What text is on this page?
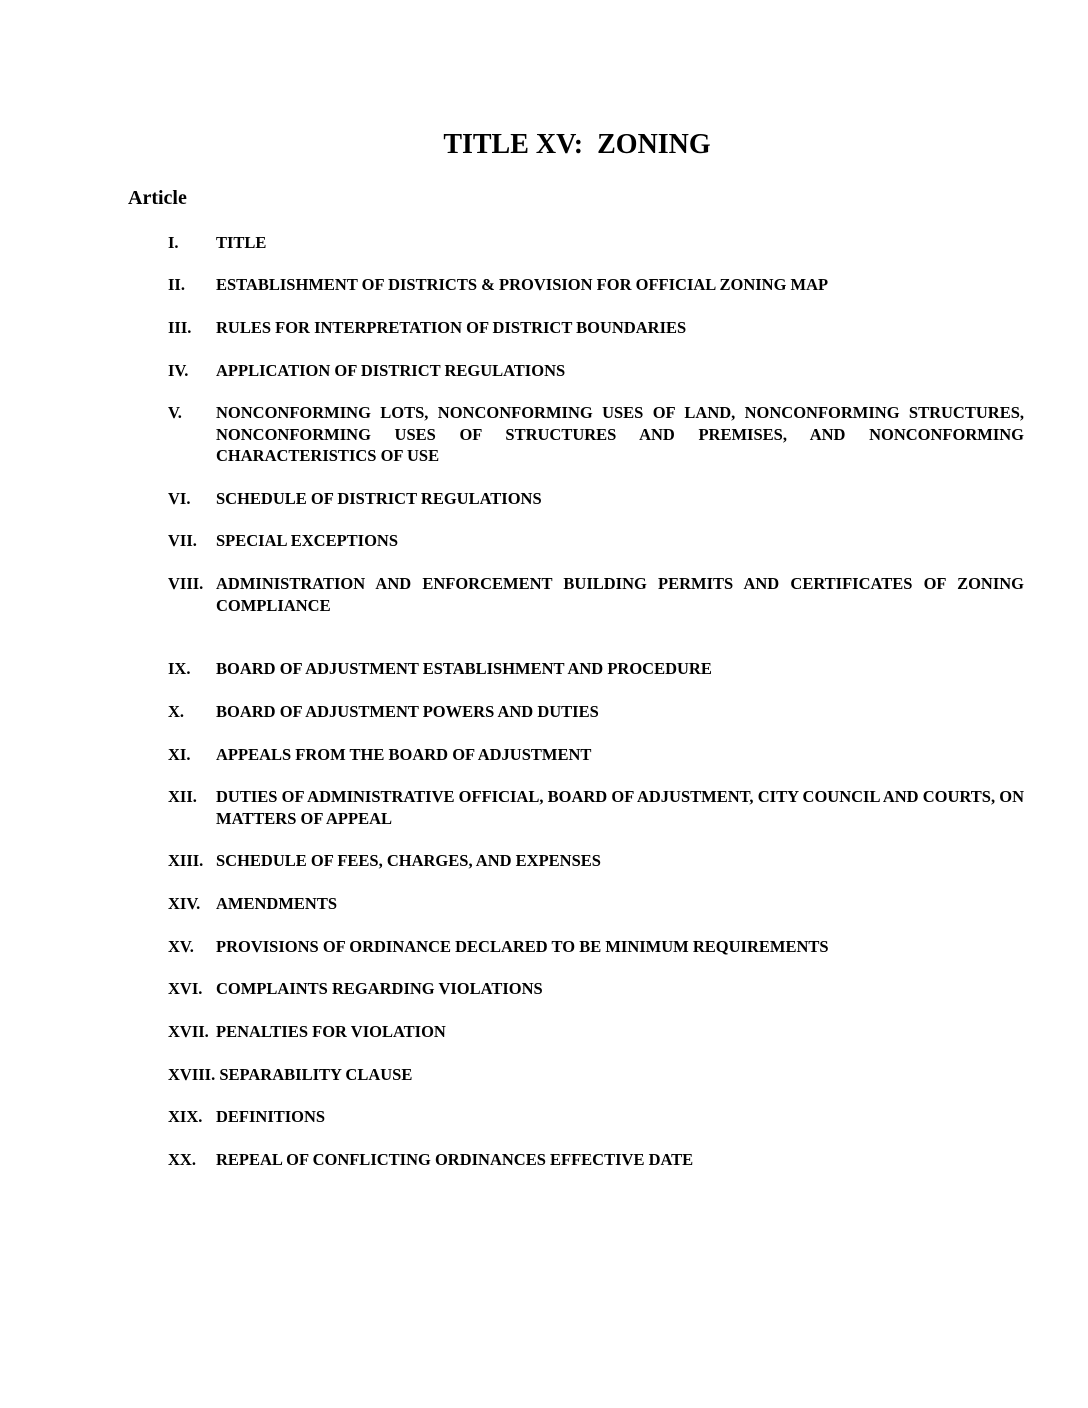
TITLE XV:  ZONING
Article
I. TITLE
II. ESTABLISHMENT OF DISTRICTS & PROVISION FOR OFFICIAL ZONING MAP
III. RULES FOR INTERPRETATION OF DISTRICT BOUNDARIES
IV. APPLICATION OF DISTRICT REGULATIONS
V. NONCONFORMING LOTS, NONCONFORMING USES OF LAND, NONCONFORMING STRUCTURES, NONCONFORMING USES OF STRUCTURES AND PREMISES, AND NONCONFORMING CHARACTERISTICS OF USE
VI. SCHEDULE OF DISTRICT REGULATIONS
VII. SPECIAL EXCEPTIONS
VIII. ADMINISTRATION AND ENFORCEMENT BUILDING PERMITS AND CERTIFICATES OF ZONING COMPLIANCE
IX. BOARD OF ADJUSTMENT ESTABLISHMENT AND PROCEDURE
X. BOARD OF ADJUSTMENT POWERS AND DUTIES
XI. APPEALS FROM THE BOARD OF ADJUSTMENT
XII. DUTIES OF ADMINISTRATIVE OFFICIAL, BOARD OF ADJUSTMENT, CITY COUNCIL AND COURTS, ON MATTERS OF APPEAL
XIII. SCHEDULE OF FEES, CHARGES, AND EXPENSES
XIV. AMENDMENTS
XV. PROVISIONS OF ORDINANCE DECLARED TO BE MINIMUM REQUIREMENTS
XVI. COMPLAINTS REGARDING VIOLATIONS
XVII. PENALTIES FOR VIOLATION
XVIII. SEPARABILITY CLAUSE
XIX. DEFINITIONS
XX. REPEAL OF CONFLICTING ORDINANCES EFFECTIVE DATE
